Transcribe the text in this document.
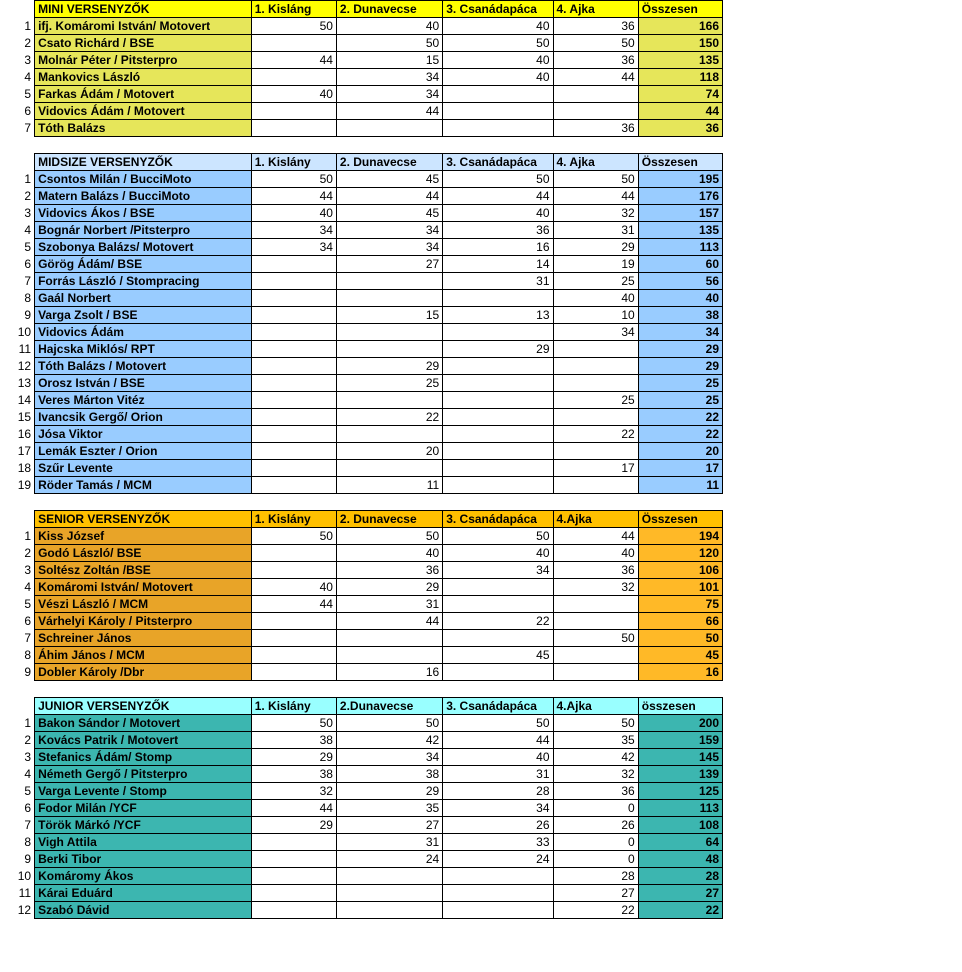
	MINI VERSENYZŐK	1. Kisláng	2. Dunavecse	3. Csanádapáca	4. Ajka	Összesen
1	ifj. Komáromi István/ Motovert	50	40	40	36	166
2	Csato Richárd / BSE		50	50	50	150
3	Molnár Péter / Pitsterpro	44	15	40	36	135
4	Mankovics László		34	40	44	118
5	Farkas Ádám / Motovert	40	34			74
6	Vidovics Ádám / Motovert		44			44
7	Tóth Balázs				36	36
	MIDSIZE VERSENYZŐK	1. Kislány	2. Dunavecse	3. Csanádapáca	4. Ajka	Összesen
1	Csontos Milán / BucciMoto	50	45	50	50	195
2	Matern Balázs / BucciMoto	44	44	44	44	176
3	Vidovics Ákos / BSE	40	45	40	32	157
4	Bognár Norbert /Pitsterpro	34	34	36	31	135
5	Szobonya Balázs/ Motovert	34	34	16	29	113
6	Görög Ádám/ BSE		27	14	19	60
7	Forrás László / Stompracing			31	25	56
8	Gaál Norbert				40	40
9	Varga Zsolt / BSE		15	13	10	38
10	Vidovics Ádám				34	34
11	Hajcska Miklós/ RPT			29		29
12	Tóth Balázs / Motovert		29			29
13	Orosz István / BSE		25			25
14	Veres Márton Vitéz				25	25
15	Ivancsik Gergő/ Orion		22			22
16	Jósa Viktor				22	22
17	Lemák Eszter / Orion		20			20
18	Szűr Levente				17	17
19	Röder Tamás / MCM		11			11
	SENIOR VERSENYZŐK	1. Kislány	2. Dunavecse	3. Csanádapáca	4.Ajka	Összesen
1	Kiss József	50	50	50	44	194
2	Godó László/ BSE		40	40	40	120
3	Soltész Zoltán /BSE		36	34	36	106
4	Komáromi István/ Motovert	40	29		32	101
5	Vészi László / MCM	44	31			75
6	Várhelyi Károly / Pitsterpro		44	22		66
7	Schreiner János				50	50
8	Áhim János / MCM			45		45
9	Dobler Károly /Dbr		16			16
	JUNIOR VERSENYZŐK	1. Kislány	2.Dunavecse	3. Csanádapáca	4.Ajka	összesen
1	Bakon Sándor / Motovert	50	50	50	50	200
2	Kovács Patrik / Motovert	38	42	44	35	159
3	Stefanics Ádám/ Stomp	29	34	40	42	145
4	Németh Gergő / Pitsterpro	38	38	31	32	139
5	Varga Levente / Stomp	32	29	28	36	125
6	Fodor Milán /YCF	44	35	34	0	113
7	Török Márkó /YCF	29	27	26	26	108
8	Vigh Attila		31	33	0	64
9	Berki Tibor		24	24	0	48
10	Komáromy Ákos				28	28
11	Kárai Eduárd				27	27
12	Szabó Dávid				22	22
